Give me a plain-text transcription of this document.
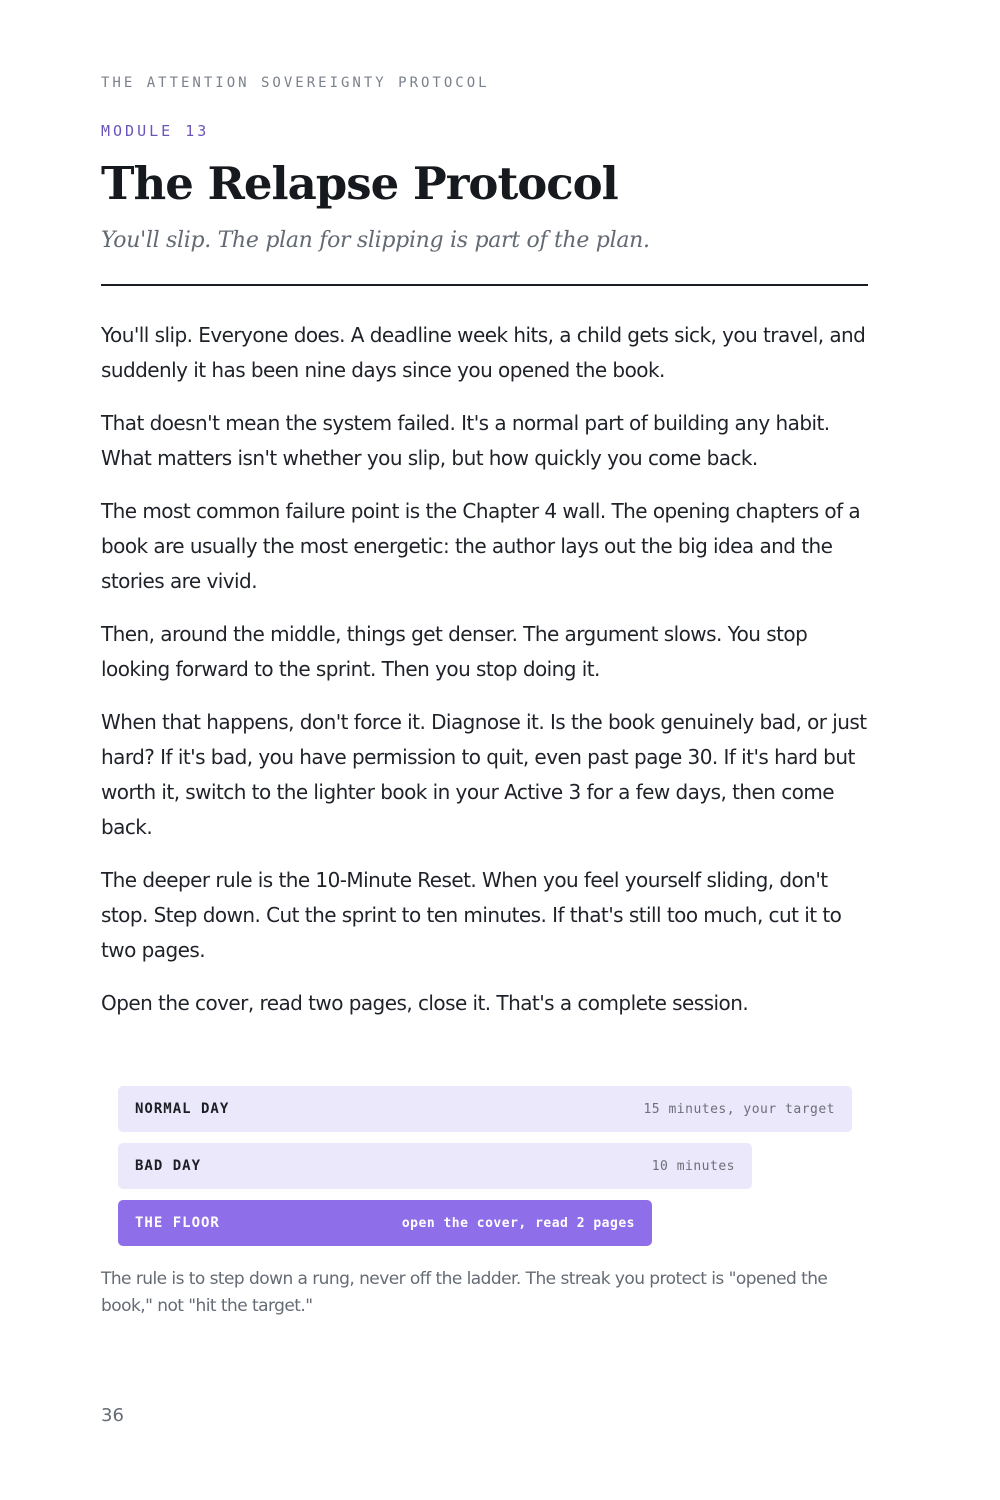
THE ATTENTION SOVEREIGNTY PROTOCOL
MODULE 13
The Relapse Protocol
You'll slip. The plan for slipping is part of the plan.

You'll slip. Everyone does. A deadline week hits, a child gets sick, you travel, and suddenly it has been nine days since you opened the book.

That doesn't mean the system failed. It's a normal part of building any habit. What matters isn't whether you slip, but how quickly you come back.

The most common failure point is the Chapter 4 wall. The opening chapters of a book are usually the most energetic: the author lays out the big idea and the stories are vivid.

Then, around the middle, things get denser. The argument slows. You stop looking forward to the sprint. Then you stop doing it.

When that happens, don't force it. Diagnose it. Is the book genuinely bad, or just hard? If it's bad, you have permission to quit, even past page 30. If it's hard but worth it, switch to the lighter book in your Active 3 for a few days, then come back.

The deeper rule is the 10-Minute Reset. When you feel yourself sliding, don't stop. Step down. Cut the sprint to ten minutes. If that's still too much, cut it to two pages.

Open the cover, read two pages, close it. That's a complete session.

NORMAL DAY	15 minutes, your target
BAD DAY	10 minutes
THE FLOOR	open the cover, read 2 pages
The rule is to step down a rung, never off the ladder. The streak you protect is "opened the book," not "hit the target."
36
